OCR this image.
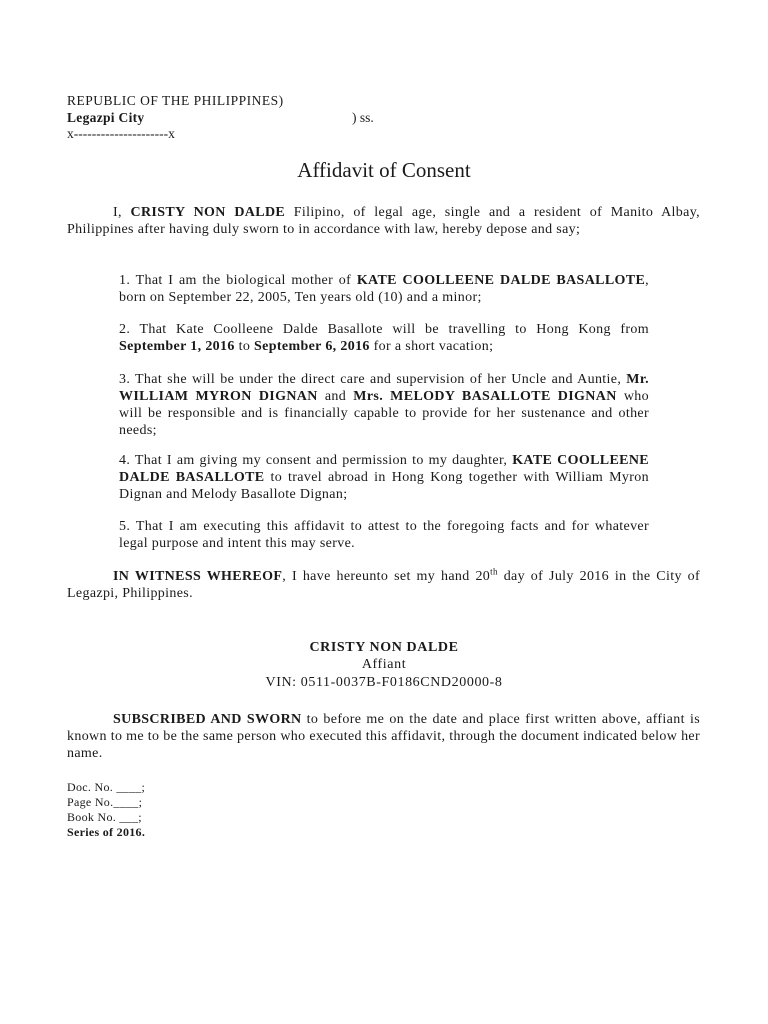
REPUBLIC OF THE PHILIPPINES)
Legazpi City	) ss.
x---------------------x
Affidavit of Consent
I, CRISTY NON DALDE Filipino, of legal age, single and a resident of Manito Albay, Philippines after having duly sworn to in accordance with law, hereby depose and say;
1. That I am the biological mother of KATE COOLLEENE DALDE BASALLOTE, born on September 22, 2005, Ten years old (10) and a minor;
2. That Kate Coolleene Dalde Basallote will be travelling to Hong Kong from September 1, 2016 to September 6, 2016 for a short vacation;
3. That she will be under the direct care and supervision of her Uncle and Auntie, Mr. WILLIAM MYRON DIGNAN and Mrs. MELODY BASALLOTE DIGNAN who will be responsible and is financially capable to provide for her sustenance and other needs;
4. That I am giving my consent and permission to my daughter, KATE COOLLEENE DALDE BASALLOTE to travel abroad in Hong Kong together with William Myron Dignan and Melody Basallote Dignan;
5. That I am executing this affidavit to attest to the foregoing facts and for whatever legal purpose and intent this may serve.
IN WITNESS WHEREOF, I have hereunto set my hand 20th day of July 2016 in the City of Legazpi, Philippines.
CRISTY NON DALDE
Affiant
VIN: 0511-0037B-F0186CND20000-8
SUBSCRIBED AND SWORN to before me on the date and place first written above, affiant is known to me to be the same person who executed this affidavit, through the document indicated below her name.
Doc. No. ____;
Page No.____;
Book No. ___;
Series of 2016.
